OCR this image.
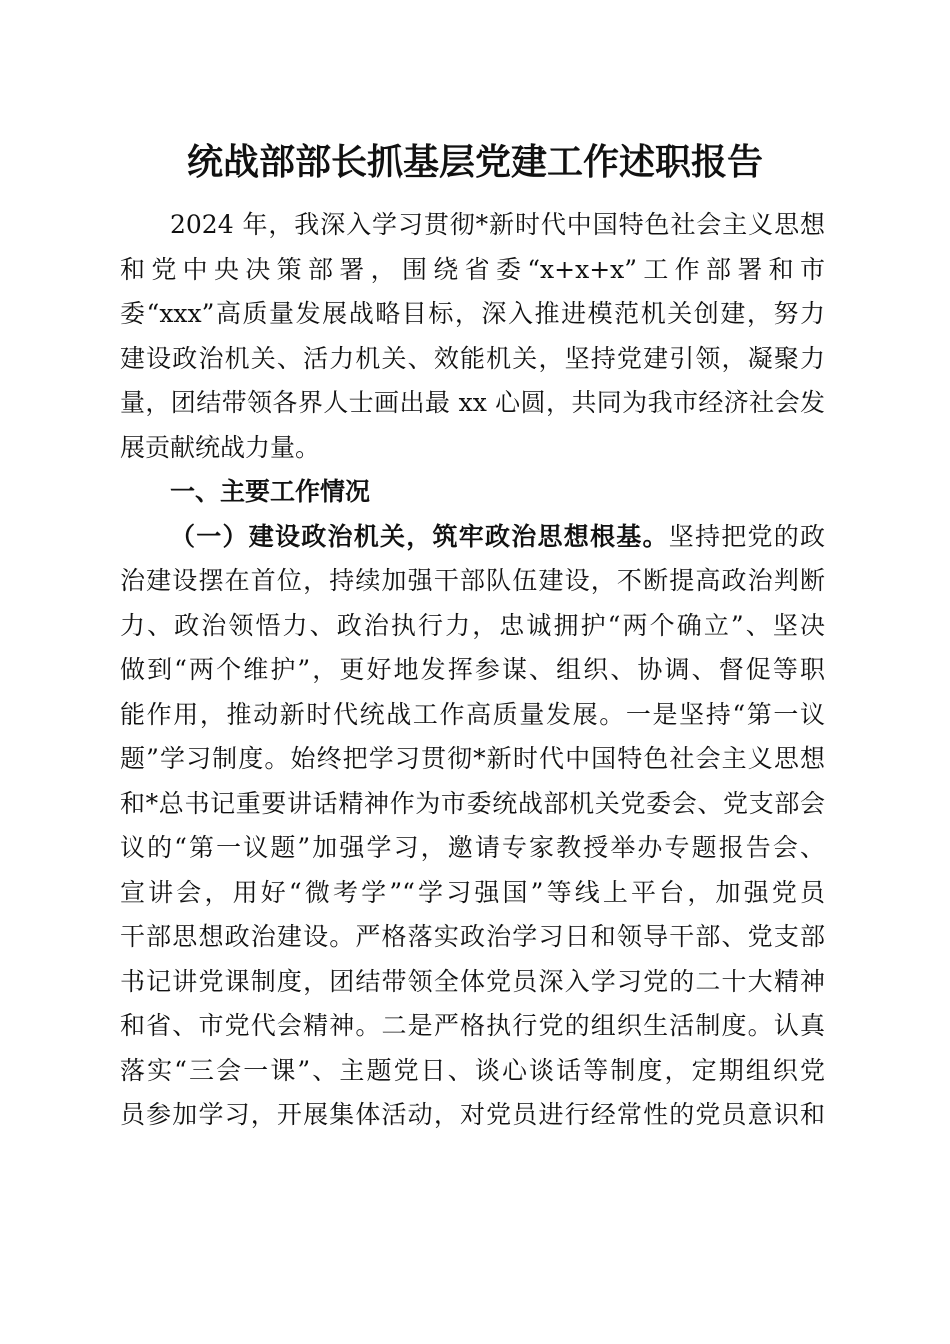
统战部部长抓基层党建工作述职报告
2024 年，我深入学习贯彻*新时代中国特色社会主义思想
和党中央决策部署，围绕省委“x+x+x”工作部署和市
委“xxx”高质量发展战略目标，深入推进模范机关创建，努力
建设政治机关、活力机关、效能机关，坚持党建引领，凝聚力
量，团结带领各界人士画出最 xx 心圆，共同为我市经济社会发
展贡献统战力量。
一、主要工作情况
（一）建设政治机关，筑牢政治思想根基。坚持把党的政
治建设摆在首位，持续加强干部队伍建设，不断提高政治判断
力、政治领悟力、政治执行力，忠诚拥护“两个确立”、坚决
做到“两个维护”，更好地发挥参谋、组织、协调、督促等职
能作用，推动新时代统战工作高质量发展。一是坚持“第一议
题”学习制度。始终把学习贯彻*新时代中国特色社会主义思想
和*总书记重要讲话精神作为市委统战部机关党委会、党支部会
议的“第一议题”加强学习，邀请专家教授举办专题报告会、
宣讲会，用好“微考学”“学习强国”等线上平台，加强党员
干部思想政治建设。严格落实政治学习日和领导干部、党支部
书记讲党课制度，团结带领全体党员深入学习党的二十大精神
和省、市党代会精神。二是严格执行党的组织生活制度。认真
落实“三会一课”、主题党日、谈心谈话等制度，定期组织党
员参加学习，开展集体活动，对党员进行经常性的党员意识和
